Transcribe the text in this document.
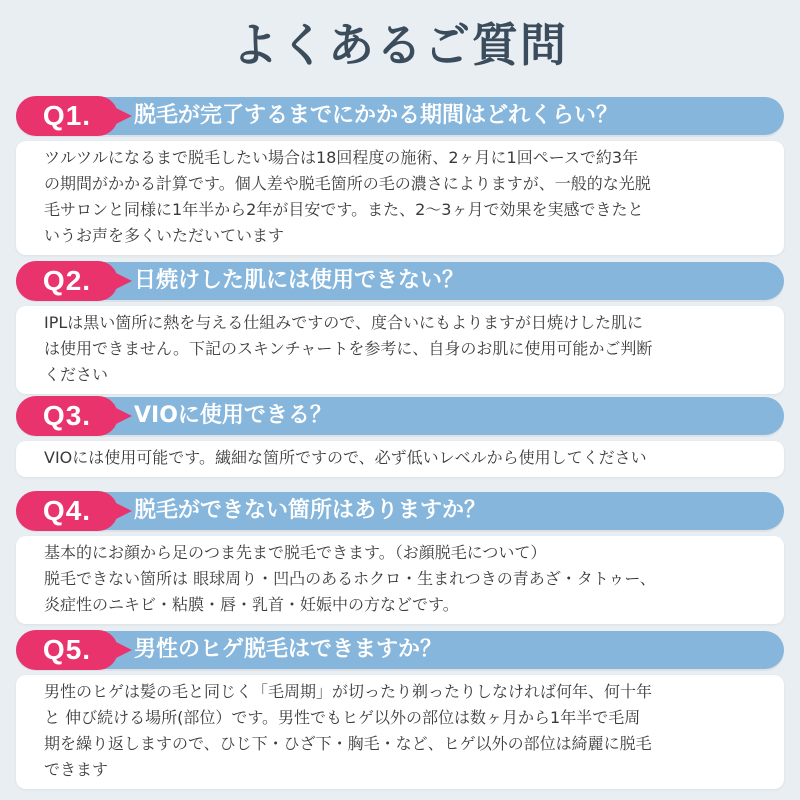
よくあるご質問
Q1.	脱毛が完了するまでにかかる期間はどれくらい？
ツルツルになるまで脱毛したい場合は18回程度の施術、2ヶ月に1回ペースで約3年
の期間がかかる計算です。個人差や脱毛箇所の毛の濃さによりますが、一般的な光脱
毛サロンと同様に1年半から2年が目安です。また、2〜3ヶ月で効果を実感できたと
いうお声を多くいただいています
Q2.	日焼けした肌には使用できない？
IPLは黒い箇所に熱を与える仕組みですので、度合いにもよりますが日焼けした肌に
は使用できません。下記のスキンチャートを参考に、自身のお肌に使用可能かご判断
ください
Q3.	VIOに使用できる？
VIOには使用可能です。繊細な箇所ですので、必ず低いレベルから使用してください
Q4.	脱毛ができない箇所はありますか？
基本的にお顔から足のつま先まで脱毛できます。（お顔脱毛について）
脱毛できない箇所は 眼球周り・凹凸のあるホクロ・生まれつきの青あざ・タトゥー、
炎症性のニキビ・粘膜・唇・乳首・妊娠中の方などです。
Q5.	男性のヒゲ脱毛はできますか？
男性のヒゲは髪の毛と同じく「毛周期」が切ったり剃ったりしなければ何年、何十年
と 伸び続ける場所(部位）です。男性でもヒゲ以外の部位は数ヶ月から1年半で毛周
期を繰り返しますので、ひじ下・ひざ下・胸毛・など、ヒゲ以外の部位は綺麗に脱毛
できます
